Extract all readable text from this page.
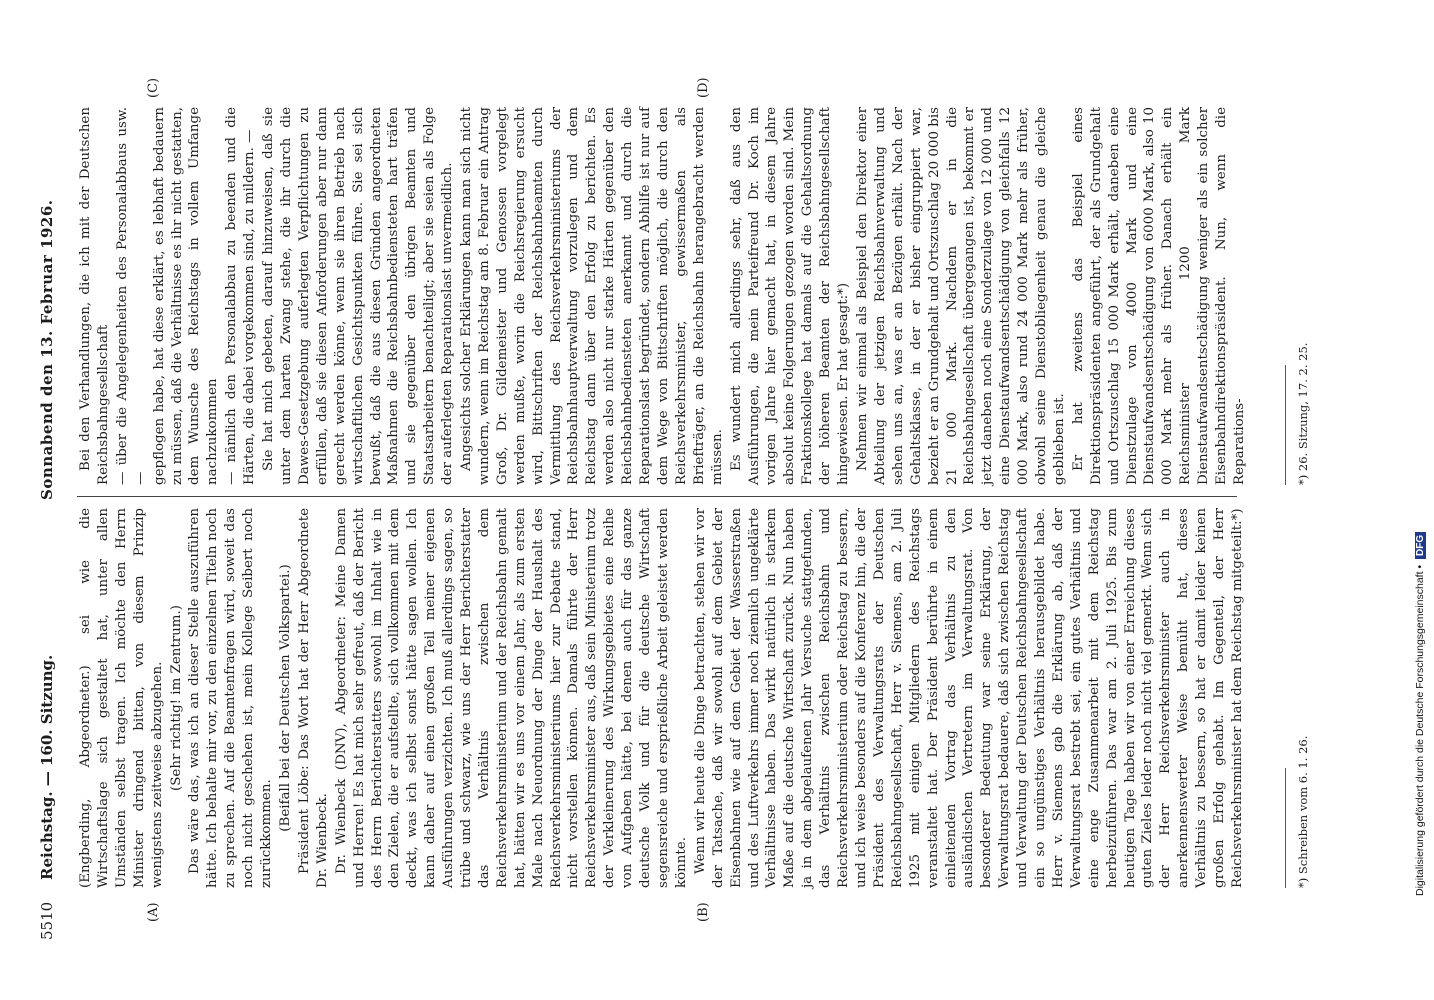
5510
Reichstag. — 160. Sitzung.
Sonnabend den 13. Februar 1926.
(A)	(B)
(C)	(D)

(Engberding, Abgeordneter.) sei wie die Wirtschaftslage sich gestaltet hat, unter allen Umständen selbst tragen. Ich möchte den Herrn Minister dringend bitten, von diesem Prinzip wenigstens zeitweise abzugehen. (Sehr richtig! im Zentrum.) Das wäre das, was ich an dieser Stelle auszuführen hätte. Ich behalte mir vor, zu den einzelnen Titeln noch zu sprechen. Auf die Beamtenfragen wird, soweit das noch nicht geschehen ist, mein Kollege Seibert noch zurückkommen.

(Beifall bei der Deutschen Volkspartei.) Präsident Löbe: Das Wort hat der Herr Abgeordnete Dr. Wienbeck. Dr. Wienbeck (DNV), Abgeordneter: Meine Damen und Herren! Es hat mich sehr gefreut, daß der Bericht des Herrn Berichterstatters sowohl im Inhalt wie in den Zielen, die er aufstellte, sich vollkommen mit dem deckt, was ich selbst sonst hätte sagen wollen. Ich kann daher auf einen großen Teil meiner eigenen Ausführungen verzichten. Ich muß allerdings sagen, so trübe und schwarz, wie uns der Herr Berichterstatter das Verhältnis zwischen dem Reichsverkehrsministerium und der Reichsbahn gemalt hat, hätten wir es uns vor einem Jahr, als zum ersten Male nach Neuordnung der Dinge der Haushalt des Reichsverkehrsministeriums hier zur Debatte stand, nicht vorstellen können. Damals führte der Herr Reichsverkehrsminister aus, daß sein Ministerium trotz der Verkleinerung des Wirkungsgebietes eine Reihe von Aufgaben hätte, bei denen auch für das ganze deutsche Volk und für die deutsche Wirtschaft segensreiche und ersprießliche Arbeit geleistet werden könnte. Wenn wir heute die Dinge betrachten, stehen wir vor der Tatsache, daß wir sowohl auf dem Gebiet der Eisenbahnen wie auf dem Gebiet der Wasserstraßen und des Luftverkehrs immer noch ziemlich ungeklärte Verhältnisse haben. Das wirkt natürlich in starkem Maße auf die deutsche Wirtschaft zurück. Nun haben ja in dem abgelaufenen Jahr Versuche stattgefunden, das Verhältnis zwischen Reichsbahn und Reichsverkehrsministerium oder Reichstag zu bessern, und ich weise besonders auf die Konferenz hin, die der Präsident des Verwaltungsrats der Deutschen Reichsbahngesellschaft, Herr v. Siemens, am 2. Juli 1925 mit einigen Mitgliedern des Reichstags veranstaltet hat. Der Präsident berührte in einem einleitenden Vortrag das Verhältnis zu den ausländischen Vertretern im Verwaltungsrat. Von besonderer Bedeutung war seine Erklärung, der Verwaltungsrat bedauere, daß sich zwischen Reichstag und Verwaltung der Deutschen Reichsbahngesellschaft ein so ungünstiges Verhältnis herausgebildet habe. Herr v. Siemens gab die Erklärung ab, daß der Verwaltungsrat bestrebt sei, ein gutes Verhältnis und eine enge Zusammenarbeit mit dem Reichstag herbeizuführen. Das war am 2. Juli 1925. Bis zum heutigen Tage haben wir von einer Erreichung dieses guten Zieles leider noch nicht viel gemerkt. Wenn sich der Herr Reichsverkehrsminister auch in anerkennenswerter Weise bemüht hat, dieses Verhältnis zu bessern, so hat er damit leider keinen großen Erfolg gehabt. Im Gegenteil, der Herr Reichsverkehrsminister hat dem Reichstag mitgeteilt:*)

Bei den Verhandlungen, die ich mit der Deutschen Reichsbahngesellschaft — über die Angelegenheiten des Personalabbaus usw. — gepflogen habe, hat diese erklärt, es lebhaft bedauern zu müssen, daß die Verhältnisse es ihr nicht gestatten, dem Wunsche des Reichstags in vollem Umfange nachzukommen — nämlich den Personalabbau zu beenden und die Härten, die dabei vorgekommen sind, zu mildern. — Sie hat mich gebeten, darauf hinzuweisen, daß sie unter dem harten Zwang stehe, die ihr durch die Dawes-Gesetzgebung auferlegten Verpflichtungen zu erfüllen, daß sie diesen Anforderungen aber nur dann gerecht werden könne, wenn sie ihren Betrieb nach wirtschaftlichen Gesichtspunkten führe. Sie sei sich bewußt, daß die aus diesen Gründen angeordneten Maßnahmen die Reichsbahnbediensteten hart träfen und sie gegenüber den übrigen Beamten und Staatsarbeitern benachteiligt; aber sie seien als Folge der auferlegten Reparationslast unvermeidlich. Angesichts solcher Erklärungen kann man sich nicht wundern, wenn im Reichstag am 8. Februar ein Antrag Groß, Dr. Gildemeister und Genossen vorgelegt werden mußte, worin die Reichsregierung ersucht wird, Bittschriften der Reichsbahnbeamten durch Vermittlung des Reichsverkehrsministeriums der Reichsbahnhauptverwaltung vorzulegen und dem Reichstag dann über den Erfolg zu berichten. Es werden also nicht nur starke Härten gegenüber den Reichsbahnbediensteten anerkannt und durch die Reparationslast begründet, sondern Abhilfe ist nur auf dem Wege von Bittschriften möglich, die durch den Reichsverkehrsminister, gewissermaßen als Briefträger, an die Reichsbahn herangebracht werden müssen. Es wundert mich allerdings sehr, daß aus den Ausführungen, die mein Parteifreund Dr. Koch im vorigen Jahre hier gemacht hat, in diesem Jahre absolut keine Folgerungen gezogen worden sind. Mein Fraktionskollege hat damals auf die Gehaltsordnung der höheren Beamten der Reichsbahngesellschaft hingewiesen. Er hat gesagt:*) Nehmen wir einmal als Beispiel den Direktor einer Abteilung der jetzigen Reichsbahnverwaltung und sehen uns an, was er an Bezügen erhält. Nach der Gehaltsklasse, in der er bisher eingruppiert war, bezieht er an Grundgehalt und Ortszuschlag 20 000 bis 21 000 Mark. Nachdem er in die Reichsbahngesellschaft übergegangen ist, bekommt er jetzt daneben noch eine Sonderzulage von 12 000 und eine Dienstaufwandsentschädigung von gleichfalls 12 000 Mark, also rund 24 000 Mark mehr als früher, obwohl seine Dienstobliegenheit genau die gleiche geblieben ist. Er hat zweitens das Beispiel eines Direktionspräsidenten angeführt, der als Grundgehalt und Ortszuschlag 15 000 Mark erhält, daneben eine Dienstzulage von 4000 Mark und eine Dienstaufwandsentschädigung von 6000 Mark, also 10 000 Mark mehr als früher. Danach erhält ein Reichsminister 1200 Mark Dienstaufwandsentschädigung weniger als ein solcher Eisenbahndirektionspräsident. Nun, wenn die Reparations-

*) Schreiben vom 6. 1. 26.
*) 26. Sitzung, 17. 2. 25.
Digitalisierung gefördert durch die Deutsche Forschungsgemeinschaft • DFG
